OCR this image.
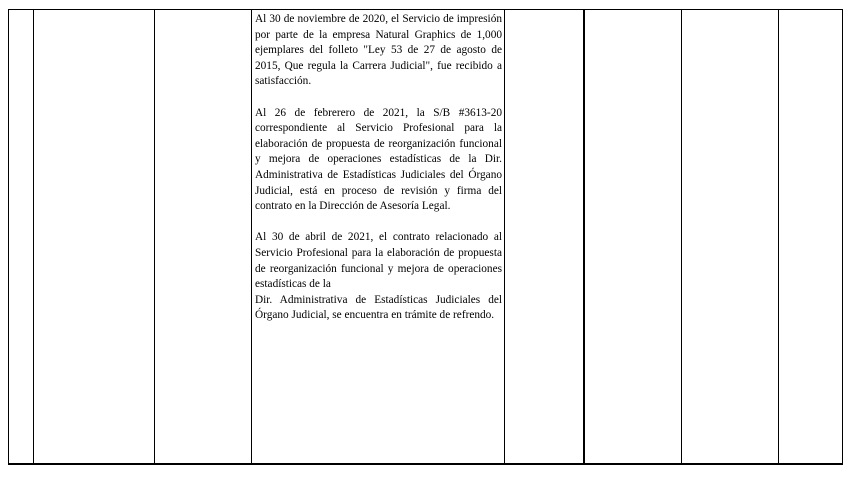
Al 30 de noviembre de 2020, el Servicio de impresión por parte de la empresa Natural Graphics de 1,000 ejemplares del folleto "Ley 53 de 27 de agosto de 2015, Que regula la Carrera Judicial", fue recibido a satisfacción.

Al 26 de febrerero de 2021, la S/B #3613-20 correspondiente al Servicio Profesional para la elaboración de propuesta de reorganización funcional y mejora de operaciones estadísticas de la Dir. Administrativa de Estadísticas Judiciales del Órgano Judicial, está en proceso de revisión y firma del contrato en la Dirección de Asesoría Legal.

Al 30 de abril de 2021, el contrato relacionado al Servicio Profesional para la elaboración de propuesta de reorganización funcional y mejora de operaciones estadísticas de la
Dir. Administrativa de Estadísticas Judiciales del Órgano Judicial, se encuentra en trámite de refrendo.
